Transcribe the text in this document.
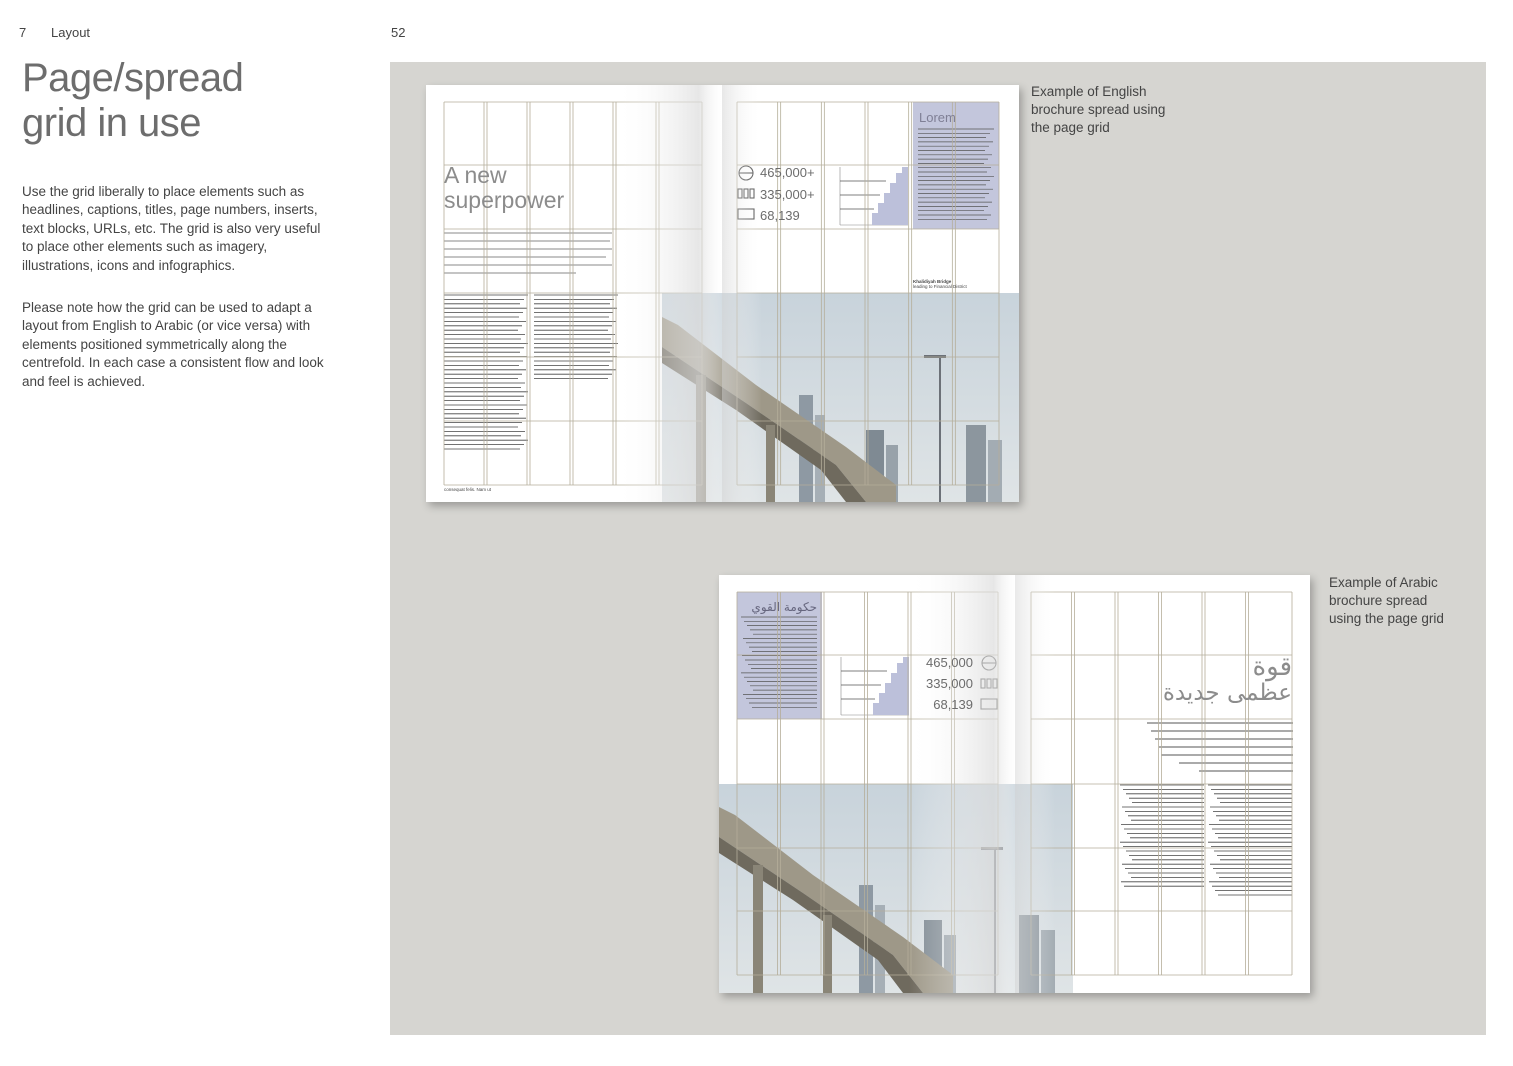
7 Layout	52
Page/spread
grid in use

Use the grid liberally to place elements such as headlines, captions, titles, page numbers, inserts, text blocks, URLs, etc. The grid is also very useful to place other elements such as imagery, illustrations, icons and infographics.

Please note how the grid can be used to adapt a layout from English to Arabic (or vice versa) with elements positioned symmetrically along the centrefold. In each case a consistent flow and look and feel is achieved.

A new
superpower
Lorem
465,000+
335,000+
68,139
Khalidiyah Bridge
leading to Financial District
consequat felis. Nam ut
Example of English brochure spread using the page grid
حكومة القوي
قوة
عظمى جديدة
465,000
335,000
68,139
Example of Arabic brochure spread using the page grid
